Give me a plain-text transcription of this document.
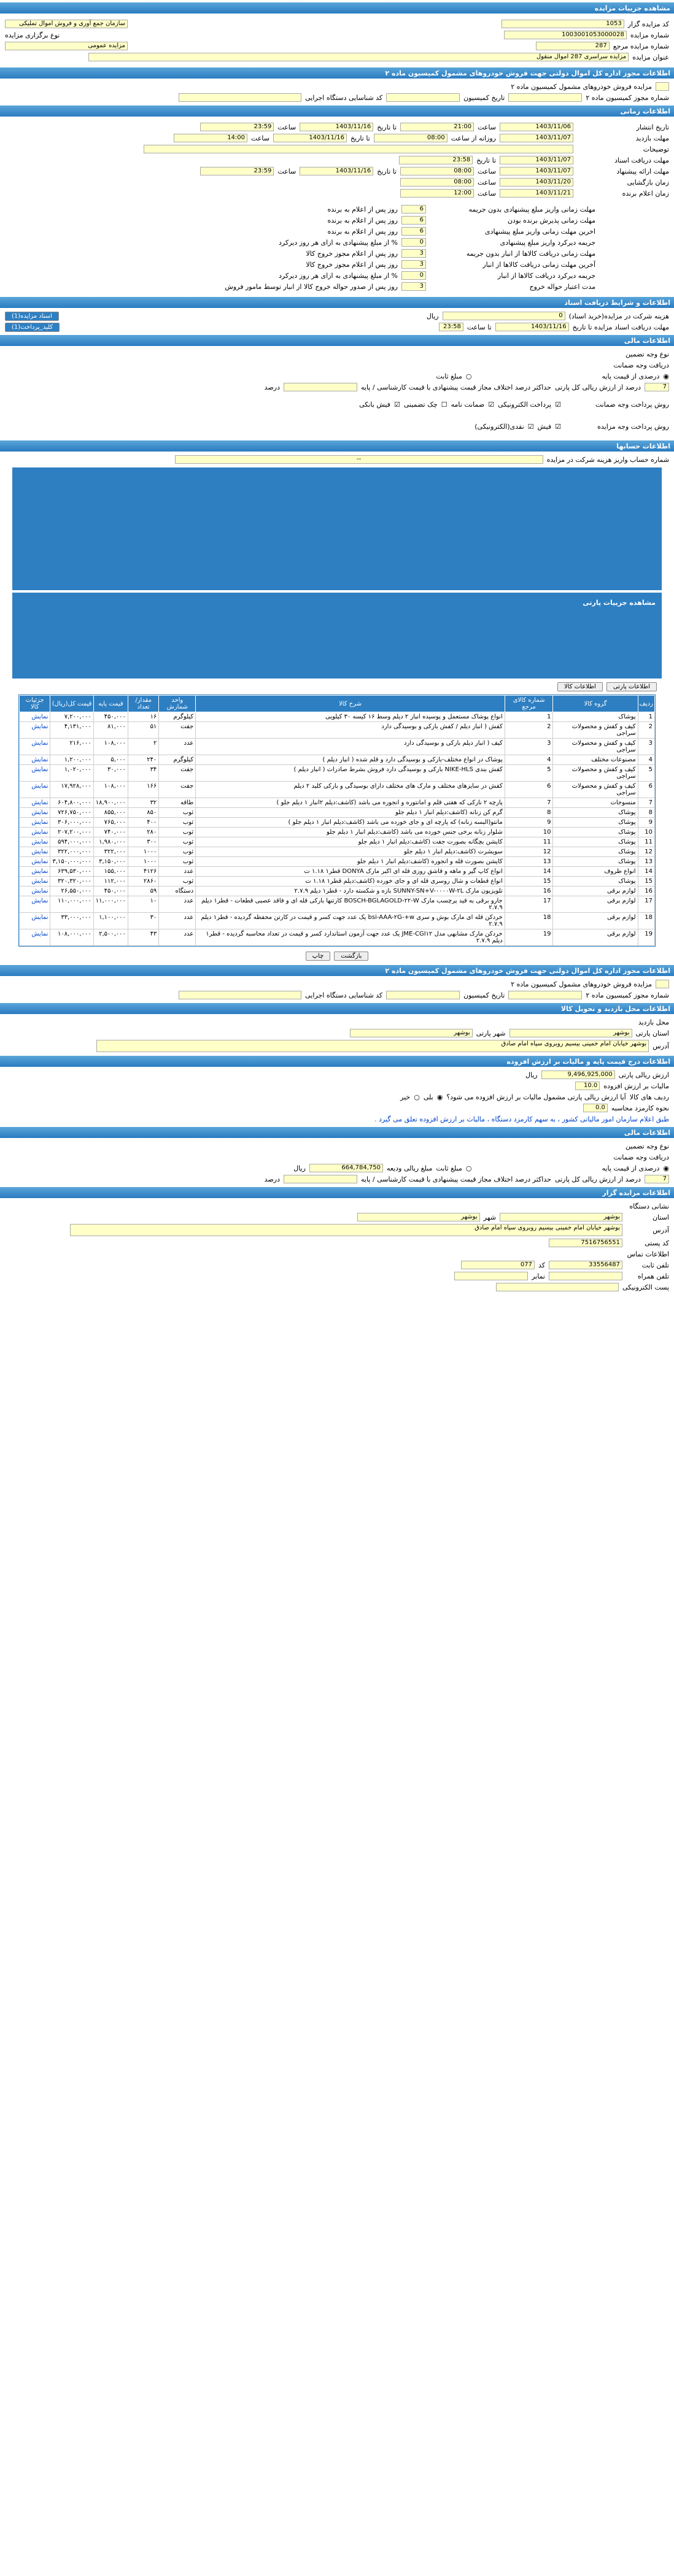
مشاهده جزییات مزایده
کد مزایده گزار
1053
سازمان جمع آوری و فروش اموال تملیکی
شماره مزایده
1003001053000028
نوع برگزاری مزایده
شماره مزایده مرجع
287
مزایده عمومی
عنوان مزایده
مزایده سراسری 287 اموال منقول
اطلاعات مجوز اداره کل اموال دولتی جهت فروش خودروهای مشمول کمیسیون ماده ۲
مزایده فروش خودروهای مشمول کمیسیون ماده ۲
شماره مجوز کمیسیون ماده ۲
تاریخ کمیسیون
کد شناسایی دستگاه اجرایی
اطلاعات زمانی
تاریخ انتشار
1403/11/06
ساعت
21:00
تا تاریخ
1403/11/16
ساعت
23:59
مهلت بازدید
1403/11/07
روزانه از ساعت
08:00
تا تاریخ
1403/11/16
ساعت
14:00
توضیحات
مهلت دریافت اسناد
1403/11/07
تا تاریخ
23:58
مهلت ارائه پیشنهاد
1403/11/07
ساعت
08:00
تا تاریخ
1403/11/16
ساعت
23:59
زمان بازگشایی
1403/11/20
ساعت
08:00
زمان اعلام برنده
1403/11/21
ساعت
12:00
مهلت زمانی واریز مبلغ پیشنهادی بدون جریمه
6
روز پس از اعلام به برنده
مهلت زمانی پذیرش برنده بودن
6
روز پس از اعلام به برنده
اخرین مهلت زمانی واریز مبلغ پیشنهادی
6
روز پس از اعلام به برنده
جریمه دیرکرد واریز مبلغ پیشنهادی
0
% از مبلغ پیشنهادی به ازای هر روز دیرکرد
مهلت زمانی دریافت کالاها از انبار بدون جریمه
3
روز پس از اعلام مجوز خروج کالا
آخرین مهلت زمانی دریافت کالاها از انبار
3
روز پس از اعلام مجوز خروج کالا
جریمه دیرکرد دریافت کالاها از انبار
0
% از مبلغ پیشنهادی به ازای هر روز دیرکرد
مدت اعتبار حواله خروج
3
روز پس از صدور حواله خروج کالا از انبار توسط مامور فروش
اطلاعات و شرایط دریافت اسناد
هزینه شرکت در مزایده(خرید اسناد)
0
ریال
اسناد مزایده(1)
مهلت دریافت اسناد مزایده تا تاریخ
1403/11/16
تا ساعت
23:58
کلید_پرداخت(1)
اطلاعات مالی
نوع وجه تضمین
دریافت وجه ضمانت
◉
درصدی از قیمت پایه
○
مبلغ ثابت
7
درصد از ارزش ریالی کل پارتی
حداکثر درصد اختلاف مجاز قیمت پیشنهادی با قیمت کارشناسی / پایه
درصد
روش پرداخت وجه ضمانت
☑
پرداخت الکترونیکی
☑
ضمانت نامه
☐
چک تضمینی
☑
فیش بانکی
روش پرداخت وجه مزایده
☑
فیش
☑
نقدی(الکترونیکی)
اطلاعات حسابها
شماره حساب واریز هزینه شرکت در مزایده
--
مشاهده جزییات پارتی
اطلاعات پارتی
اطلاعات کالا
ردیف	گروه کالا	شماره کالای مرجع	شرح کالا	واحد شمارش	مقدار/تعداد	قیمت پایه	قیمت کل(ریال)	جزئیات کالا
1	پوشاک	1	انواع پوشاک مستعمل و پوسیده انبار ۲ دیلم وسط ۱۶ کیسه ۳۰ کیلویی	کیلوگرم	۱۶	۴۵۰,۰۰۰	۷,۲۰۰,۰۰۰	نمایش
2	کیف و کفش و محصولات سراجی	2	کفش ( انبار دیلم / کفش بارکی و بوسیدگی دارد	جفت	۵۱	۸۱,۰۰۰	۴,۱۳۱,۰۰۰	نمایش
3	کیف و کفش و محصولات سراجی	3	کیف ( انبار دیلم بارکی و بوسیدگی دارد	عدد	۲	۱۰۸,۰۰۰	۲۱۶,۰۰۰	نمایش
4	مصنوعات مختلف	4	پوشاک در انواع مختلف-بارکی و بوسیدگی دارد و قلم شده ( انبار دیلم )	کیلوگرم	۲۴۰	۵,۰۰۰	۱,۲۰۰,۰۰۰	نمایش
5	کیف و کفش و محصولات سراجی	5	کفش بندی NIKE-HLS بارکی و بوسیدگی دارد فروش بشرط صادرات ( انبار دیلم )	جفت	۳۴	۳۰,۰۰۰	۱,۰۲۰,۰۰۰	نمایش
6	کیف و کفش و محصولات سراجی	6	کفش در سایزهای مختلف و مارک های مختلف دارای بوسیدگی و بارکی کلید ۲ دیلم	جفت	۱۶۶	۱۰۸,۰۰۰	۱۷,۹۲۸,۰۰۰	نمایش
7	منسوجات	7	پارچه ۲ نارکی که هفتی قلم و امانتوره و انجوره می باشد (کاشف:دیلم ۲انبار ۱ دیلم جلو )	طاقه	۳۲	۱۸,۹۰۰,۰۰۰	۶۰۴,۸۰۰,۰۰۰	نمایش
8	پوشاک	8	گرم کن زنانه (کاشف:دیلم انبار ۱ دیلم جلو	ثوب	۸۵۰	۸۵۵,۰۰۰	۷۲۶,۷۵۰,۰۰۰	نمایش
9	پوشاک	9	مانتو(البسه زنانه) که پارچه ای و جای خورده می باشد (کاشف:دیلم انبار ۱ دیلم جلو )	ثوب	۴۰۰	۷۶۵,۰۰۰	۳۰۶,۰۰۰,۰۰۰	نمایش
10	پوشاک	10	شلوار زنانه برخی جنس خورده می باشد (کاشف:دیلم انبار ۱ دیلم جلو	ثوب	۲۸۰	۷۴۰,۰۰۰	۲۰۷,۲۰۰,۰۰۰	نمایش
11	پوشاک	11	کاپشن بچگانه بصورت جفت (کاشف:دیلم انبار ۱ دیلم جلو	ثوب	۳۰۰	۱,۹۸۰,۰۰۰	۵۹۴,۰۰۰,۰۰۰	نمایش
12	پوشاک	12	سویشرت (کاشف:دیلم انبار ۱ دیلم جلو	ثوب	۱۰۰۰	۳۲۲,۰۰۰	۳۲۲,۰۰۰,۰۰۰	نمایش
13	پوشاک	13	کاپشن بصورت قله و انجوره (کاشف:دیلم انبار ۱ دیلم جلو	ثوب	۱۰۰۰	۳,۱۵۰,۰۰۰	۳,۱۵۰,۰۰۰,۰۰۰	نمایش
14	انواع ظروف	14	انواع کاپ گیر و ماهه و قاشق روزی قله ای اکبر مارک DONYA قطر۱ ۱.۱۸ ت	عدد	۴۱۲۶	۱۵۵,۰۰۰	۶۳۹,۵۳۰,۰۰۰	نمایش
15	پوشاک	15	انواع قطعات و شال روسری قله ای و جای خورده (کاشف:دیلم قطر۱ ۱.۱۸ ت	ثوب	۲۸۶۰	۱۱۲,۰۰۰	۳۲۰,۳۲۰,۰۰۰	نمایش
16	لوازم برقی	16	تلویزیون مارک SUNNY-SN+V-۰۰۰۰W-۲L بازه و شکسته دارد - قطر۱ دیلم ۲.۷.۹	دستگاه	۵۹	۴۵۰,۰۰۰	۲۶,۵۵۰,۰۰۰	نمایش
17	لوازم برقی	17	جارو برقی به قید پرچسب مارک BOSCH-BGLAGOLD-۲۲-W کارتنها بارکی قله ای و فاقد عصبی قطعات - قطر۱ دیلم ۲.۷.۹	عدد	۱۰	۱۱,۰۰۰,۰۰۰	۱۱۰,۰۰۰,۰۰۰	نمایش
18	لوازم برقی	18	خردکن قله ای مارک بوش و سری bsi-AAA-۲G-+w یک عدد جهت کسر و قیمت در کارتن محفظه گردیده - قطر۱ دیلم ۲.۷.۹	عدد	۳۰	۱,۱۰۰,۰۰۰	۳۳,۰۰۰,۰۰۰	نمایش
19	لوازم برقی	19	خردکن مارک مشابهی مدل JME-CGI۱۲ یک عدد جهت آزمون استاندارد کسر و قیمت در تعداد محاسبه گردیده - قطر۱ دیلم ۲.۷.۹	عدد	۴۳	۲,۵۰۰,۰۰۰	۱۰۸,۰۰۰,۰۰۰	نمایش
بازگشت
چاپ
اطلاعات مجوز اداره کل اموال دولتی جهت فروش خودروهای مشمول کمیسیون ماده ۲
مزایده فروش خودروهای مشمول کمیسیون ماده ۲
شماره مجوز کمیسیون ماده ۲
تاریخ کمیسیون
کد شناسایی دستگاه اجرایی
اطلاعات محل بازدید و تحویل کالا
محل بازدید
استان پارتی
بوشهر
شهر پارتی
بوشهر
آدرس
بوشهر خیابان امام خمینی بیسیم روبروی سپاه امام صادق
اطلاعات درج قیمت پایه و مالیات بر ارزش افزوده
ارزش ریالی پارتی
9,496,925,000
ریال
مالیات بر ارزش افزوده
10.0
ردیف های کالا
آیا ارزش ریالی پارتی مشمول مالیات بر ارزش افزوده می شود؟
◉
بلی
○
خیر
نحوه کارمزد محاسبه
0.0
طبق اعلام سازمان امور مالیاتی کشور ، به سهم کارمزد دستگاه ، مالیات بر ارزش افزوده تعلق می گیرد .
اطلاعات مالی
نوع وجه تضمین
دریافت وجه ضمانت
◉
درصدی از قیمت پایه
○
مبلغ ثابت
مبلغ ریالی ودیعه
664,784,750
ریال
7
درصد از ارزش ریالی کل پارتی
حداکثر درصد اختلاف مجاز قیمت پیشنهادی با قیمت کارشناسی / پایه
درصد
اطلاعات مزایده گزار
نشانی دستگاه
استان
بوشهر
شهر
بوشهر
آدرس
بوشهر خیابان امام خمینی بیسیم روبروی سپاه امام صادق
کد پستی
7516756551
اطلاعات تماس
تلفن ثابت
33556487
کد
077
تلفن همراه
نمابر
پست الکترونیکی
